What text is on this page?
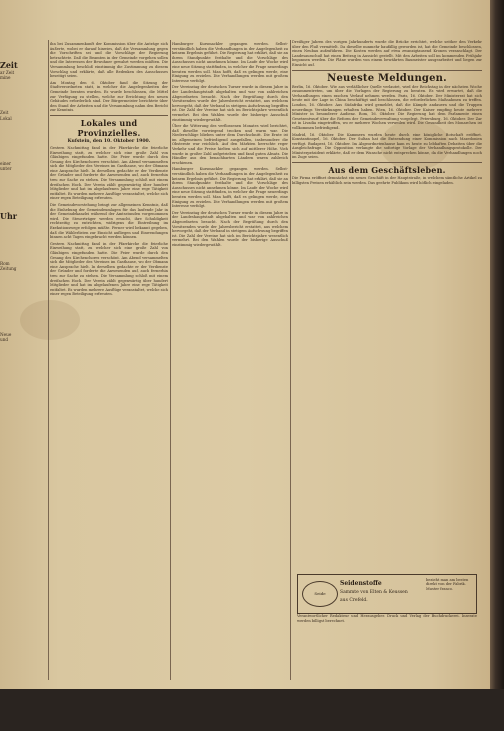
Zeit

ar Zeit

mine

Zeit

Lokal

einer

unter

Uhr

Rom

Zeitung

Neue

und

ihn bei Zusammenkunft der Kommission über die Anträge sich äußerte, wobei er darauf hinwies, daß die Versammlung gegen die Vorschriften sei und die Vorschläge der Regierung betrachtete. Daß die Beamten in der Gemeinde vorgehen sollen und die Interessen der Bewohner gewahrt werden müßten. Die Versammlung beschloß einstimmig die Zustimmung zu diesem Vorschlag und erklärte, daß alle Bedenken des Ausschusses beseitigt seien.

Am Montag den 6. Oktober fand die Sitzung der Stadtverordneten statt, in welcher die Angelegenheiten der Gemeinde beraten wurden. Es wurde beschlossen, die Mittel zur Verfügung zu stellen, welche zur Errichtung des neuen Gebäudes erforderlich sind. Der Bürgermeister berichtete über den Stand der Arbeiten und die Versammlung nahm den Bericht zur Kenntnis.

Lokales und Provinzielles.

Kufstein, den 10. Oktober 1900.

Gestern Nachmittag fand in der Pfarrkirche die feierliche Einweihung statt, zu welcher sich eine große Zahl von Gläubigen eingefunden hatte. Die Feier wurde durch den Gesang des Kirchenchores verschönt. Am Abend versammelten sich die Mitglieder des Vereines im Gasthause, wo der Obmann eine Ansprache hielt. In derselben gedachte er der Verdienste der Gründer und forderte die Anwesenden auf, auch fernerhin treu zur Sache zu stehen. Die Versammlung schloß mit einem dreifachen Hoch. Der Verein zählt gegenwärtig über hundert Mitglieder und hat im abgelaufenen Jahre eine rege Tätigkeit entfaltet. Es wurden mehrere Ausflüge veranstaltet, welche sich einer regen Beteiligung erfreuten.

Die Gemeindevorstehung bringt zur allgemeinen Kenntnis, daß die Einhebung der Gemeindeumlagen für das laufende Jahr in der Gemeindekanzlei während der Amtsstunden vorgenommen wird. Die Steuerträger werden ersucht, ihre Schuldigkeit rechtzeitig zu entrichten, widrigens die Eintreibung im Exekutionswege erfolgen müßte. Ferner wird bekannt gegeben, daß die Wählerlisten zur Einsicht aufliegen und Einwendungen binnen acht Tagen eingebracht werden können.

Gestern Nachmittag fand in der Pfarrkirche die feierliche Einweihung statt, zu welcher sich eine große Zahl von Gläubigen eingefunden hatte. Die Feier wurde durch den Gesang des Kirchenchores verschönt. Am Abend versammelten sich die Mitglieder des Vereines im Gasthause, wo der Obmann eine Ansprache hielt. In derselben gedachte er der Verdienste der Gründer und forderte die Anwesenden auf, auch fernerhin treu zur Sache zu stehen. Die Versammlung schloß mit einem dreifachen Hoch. Der Verein zählt gegenwärtig über hundert Mitglieder und hat im abgelaufenen Jahre eine rege Tätigkeit entfaltet. Es wurden mehrere Ausflüge veranstaltet, welche sich einer regen Beteiligung erfreuten.

Hamburger Kursmackler gegangen werden. Selbst- verständlich haben die Verhandlungen in der Angelegenheit zu keinem Ergebnis geführt. Die Regierung hat erklärt, daß sie an ihrem Standpunkte festhalte und die Vorschläge des Ausschusses nicht annehmen könne. Im Laufe der Woche wird eine neue Sitzung stattfinden, in welcher die Frage neuerdings beraten werden soll. Man hofft, daß es gelingen werde, eine Einigung zu erzielen. Die Verhandlungen werden mit großem Interesse verfolgt.

Der Vereinstag der deutschen Turner wurde in diesem Jahre in der Landeshauptstadt abgehalten und war von zahlreichen Abgeordneten besucht. Nach der Begrüßung durch den Vorsitzenden wurde der Jahresbericht erstattet, aus welchem hervorgeht, daß der Verband in stetigem Aufschwung begriffen ist. Die Zahl der Vereine hat sich im Berichtsjahre wesentlich vermehrt. Bei den Wahlen wurde der bisherige Ausschuß einstimmig wiedergewählt.

Über die Witterung des verflossenen Monates wird berichtet, daß dieselbe vorwiegend trocken und warm war. Die Niederschläge blieben unter dem Durchschnitt. Die Ernte ist im allgemeinen befriedigend ausgefallen, insbesondere die Obsternte war reichlich. Auf den Märkten herrschte reger Verkehr und die Preise hielten sich auf mittlerer Höhe. Vieh wurde in großer Zahl aufgetrieben und fand guten Absatz. Die Händler aus den benachbarten Ländern waren zahlreich erschienen.

Hamburger Kursmackler gegangen werden. Selbst- verständlich haben die Verhandlungen in der Angelegenheit zu keinem Ergebnis geführt. Die Regierung hat erklärt, daß sie an ihrem Standpunkte festhalte und die Vorschläge des Ausschusses nicht annehmen könne. Im Laufe der Woche wird eine neue Sitzung stattfinden, in welcher die Frage neuerdings beraten werden soll. Man hofft, daß es gelingen werde, eine Einigung zu erzielen. Die Verhandlungen werden mit großem Interesse verfolgt.

Der Vereinstag der deutschen Turner wurde in diesem Jahre in der Landeshauptstadt abgehalten und war von zahlreichen Abgeordneten besucht. Nach der Begrüßung durch den Vorsitzenden wurde der Jahresbericht erstattet, aus welchem hervorgeht, daß der Verband in stetigem Aufschwung begriffen ist. Die Zahl der Vereine hat sich im Berichtsjahre wesentlich vermehrt. Bei den Wahlen wurde der bisherige Ausschuß einstimmig wiedergewählt.

Dreißiger Jahren des vorigen Jahrhunderts wurde die Brücke errichtet, welche seither den Verkehr über den Fluß vermittelt. Da dieselbe nunmehr baufällig geworden ist, hat die Gemeinde beschlossen, einen Neubau aufzuführen. Die Kosten werden auf etwa zwanzigtausend Kronen veranschlagt. Der Landesausschuß hat einen Beitrag in Aussicht gestellt. Mit den Arbeiten soll im kommenden Frühjahr begonnen werden. Die Pläne wurden von einem bewährten Baumeister ausgearbeitet und liegen zur Einsicht auf.

Neueste Meldungen.

Berlin, 16. Oktober. Wie aus verläßlicher Quelle verlautet, wird der Reichstag in der nächsten Woche zusammentreten, um über die Vorlagen der Regierung zu beraten. Es wird erwartet, daß die Verhandlungen einen raschen Verlauf nehmen werden. Paris, 16. Oktober. Der Ministerrat hat sich heute mit der Lage in China beschäftigt und beschlossen, die erforderlichen Maßnahmen zu treffen. London, 16. Oktober. Aus Südafrika wird gemeldet, daß die Kämpfe andauern und die Truppen neuerdings Verstärkungen erhalten haben. Wien, 16. Oktober. Der Kaiser empfing heute mehrere Minister in besonderer Audienz. Rom, 16. Oktober. Die Regierung hat dem Parlamente einen Gesetzentwurf über die Reform der Gemeindeverwaltung vorgelegt. Petersburg, 16. Oktober. Der Zar ist in Livadia eingetroffen, wo er mehrere Wochen verweilen wird. Die Gesundheit des Monarchen ist vollkommen befriedigend.

Madrid, 16. Oktober. Die Kammern wurden heute durch eine königliche Botschaft eröffnet. Konstantinopel, 16. Oktober. Der Sultan hat die Entsendung einer Kommission nach Mazedonien verfügt. Budapest, 16. Oktober. Im Abgeordnetenhause kam es heute zu lebhaften Debatten über die Ausgleichsfrage. Die Opposition verlangte die sofortige Vorlage der Verhandlungsprotokolle. Der Ministerpräsident erklärte, daß er dem Wunsche nicht entsprechen könne, da die Verhandlungen noch im Zuge seien.

Aus dem Geschäftsleben.

Die Firma eröffnet demnächst ein neues Geschäft in der Hauptstraße, in welchem sämtliche Artikel zu billigsten Preisen erhältlich sein werden. Das geehrte Publikum wird höflich eingeladen.

Seide
Seidenstoffe
Sammte von Elten & Keussen
aus Crefeld.
bezieht man am besten direkt von der Fabrik. Muster franco.
Verantwortlicher Redakteur und Herausgeber. Druck und Verlag der Buchdruckerei. Inserate werden billigst berechnet.
